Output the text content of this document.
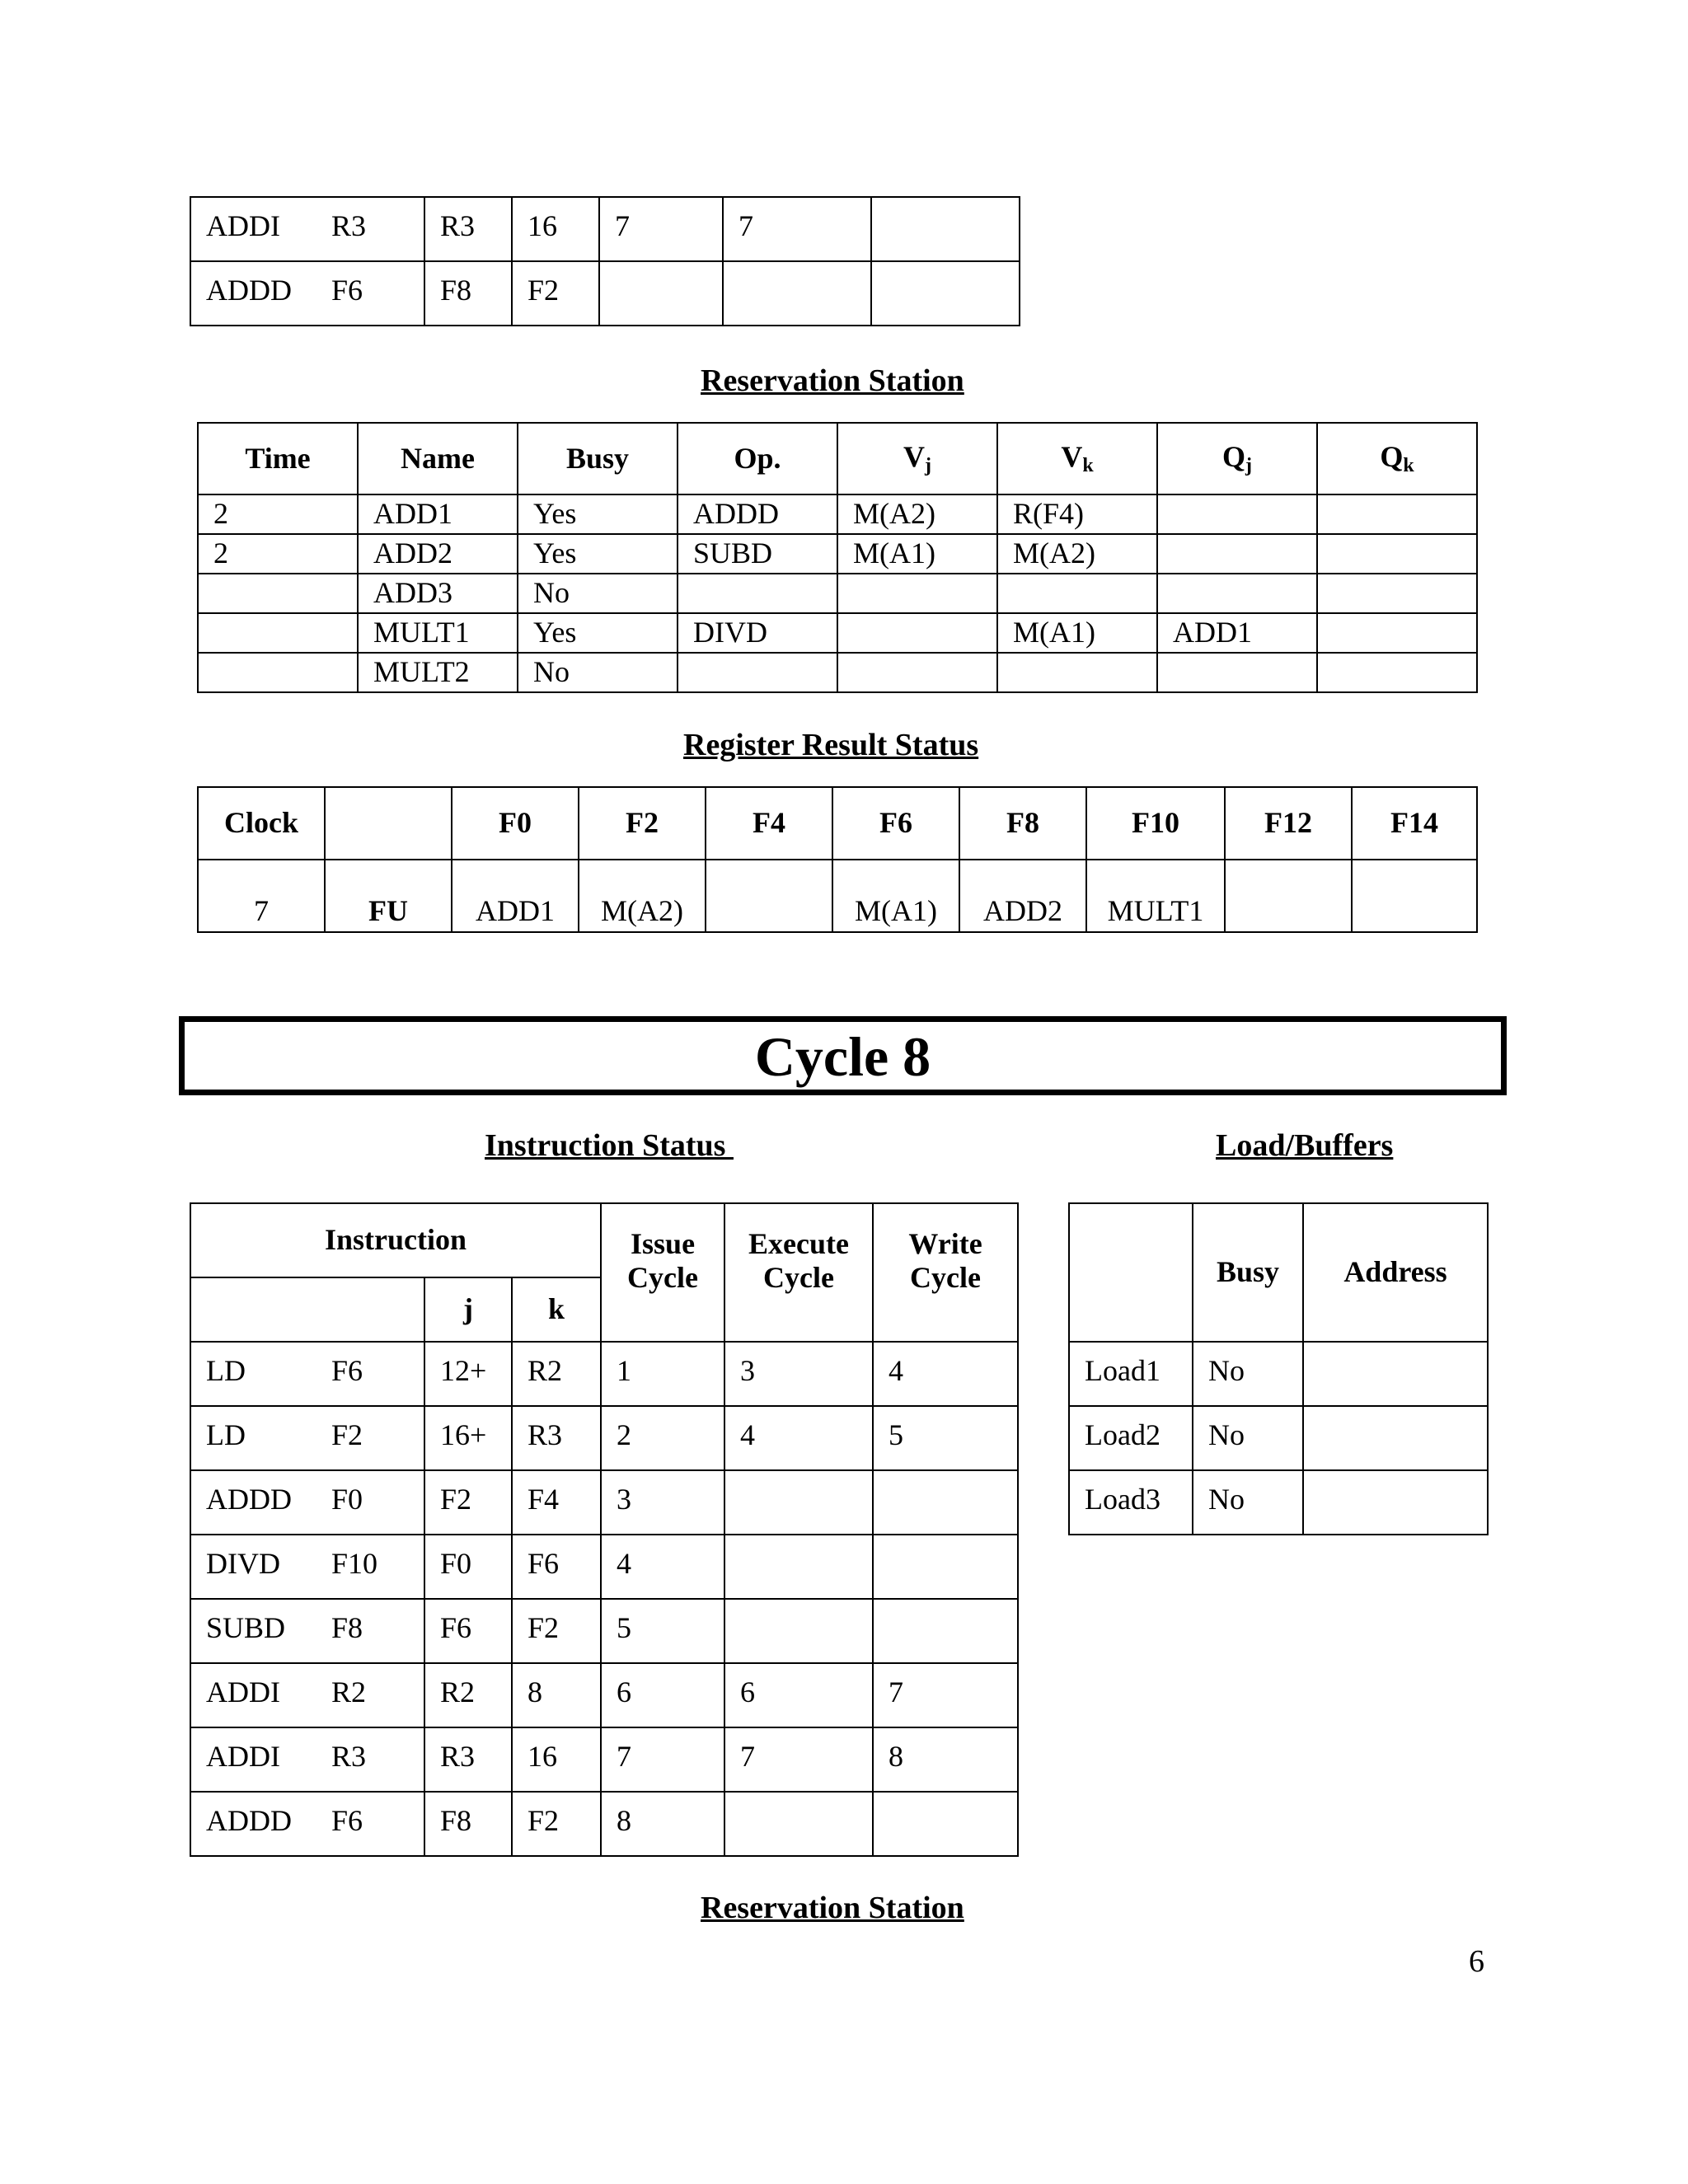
ADDI R3	R3	16	7	7	
ADDD F6	F8	F2			
Reservation Station
Time	Name	Busy	Op.	$V_j$	$V_k$	$Q_j$	$Q_k$
2	ADD1	Yes	ADDD	M(A2)	R(F4)		
2	ADD2	Yes	SUBD	M(A1)	M(A2)		
	ADD3	No					
	MULT1	Yes	DIVD		M(A1)	ADD1	
	MULT2	No					
Register Result Status
Clock		F0	F2	F4	F6	F8	F10	F12	F14
7	FU	ADD1	M(A2)		M(A1)	ADD2	MULT1		
Cycle 8
Instruction Status	Load/Buffers
Instruction			Issue Cycle	Execute Cycle	Write Cycle
	j	k			
LD F6	12+	R2	1	3	4
LD F2	16+	R3	2	4	5
ADDD F0	F2	F4	3		
DIVD F10	F0	F6	4		
SUBD F8	F6	F2	5		
ADDI R2	R2	8	6	6	7
ADDI R3	R3	16	7	7	8
ADDD F6	F8	F2	8		
	Busy	Address
Load1	No	
Load2	No	
Load3	No	
Reservation Station
6
